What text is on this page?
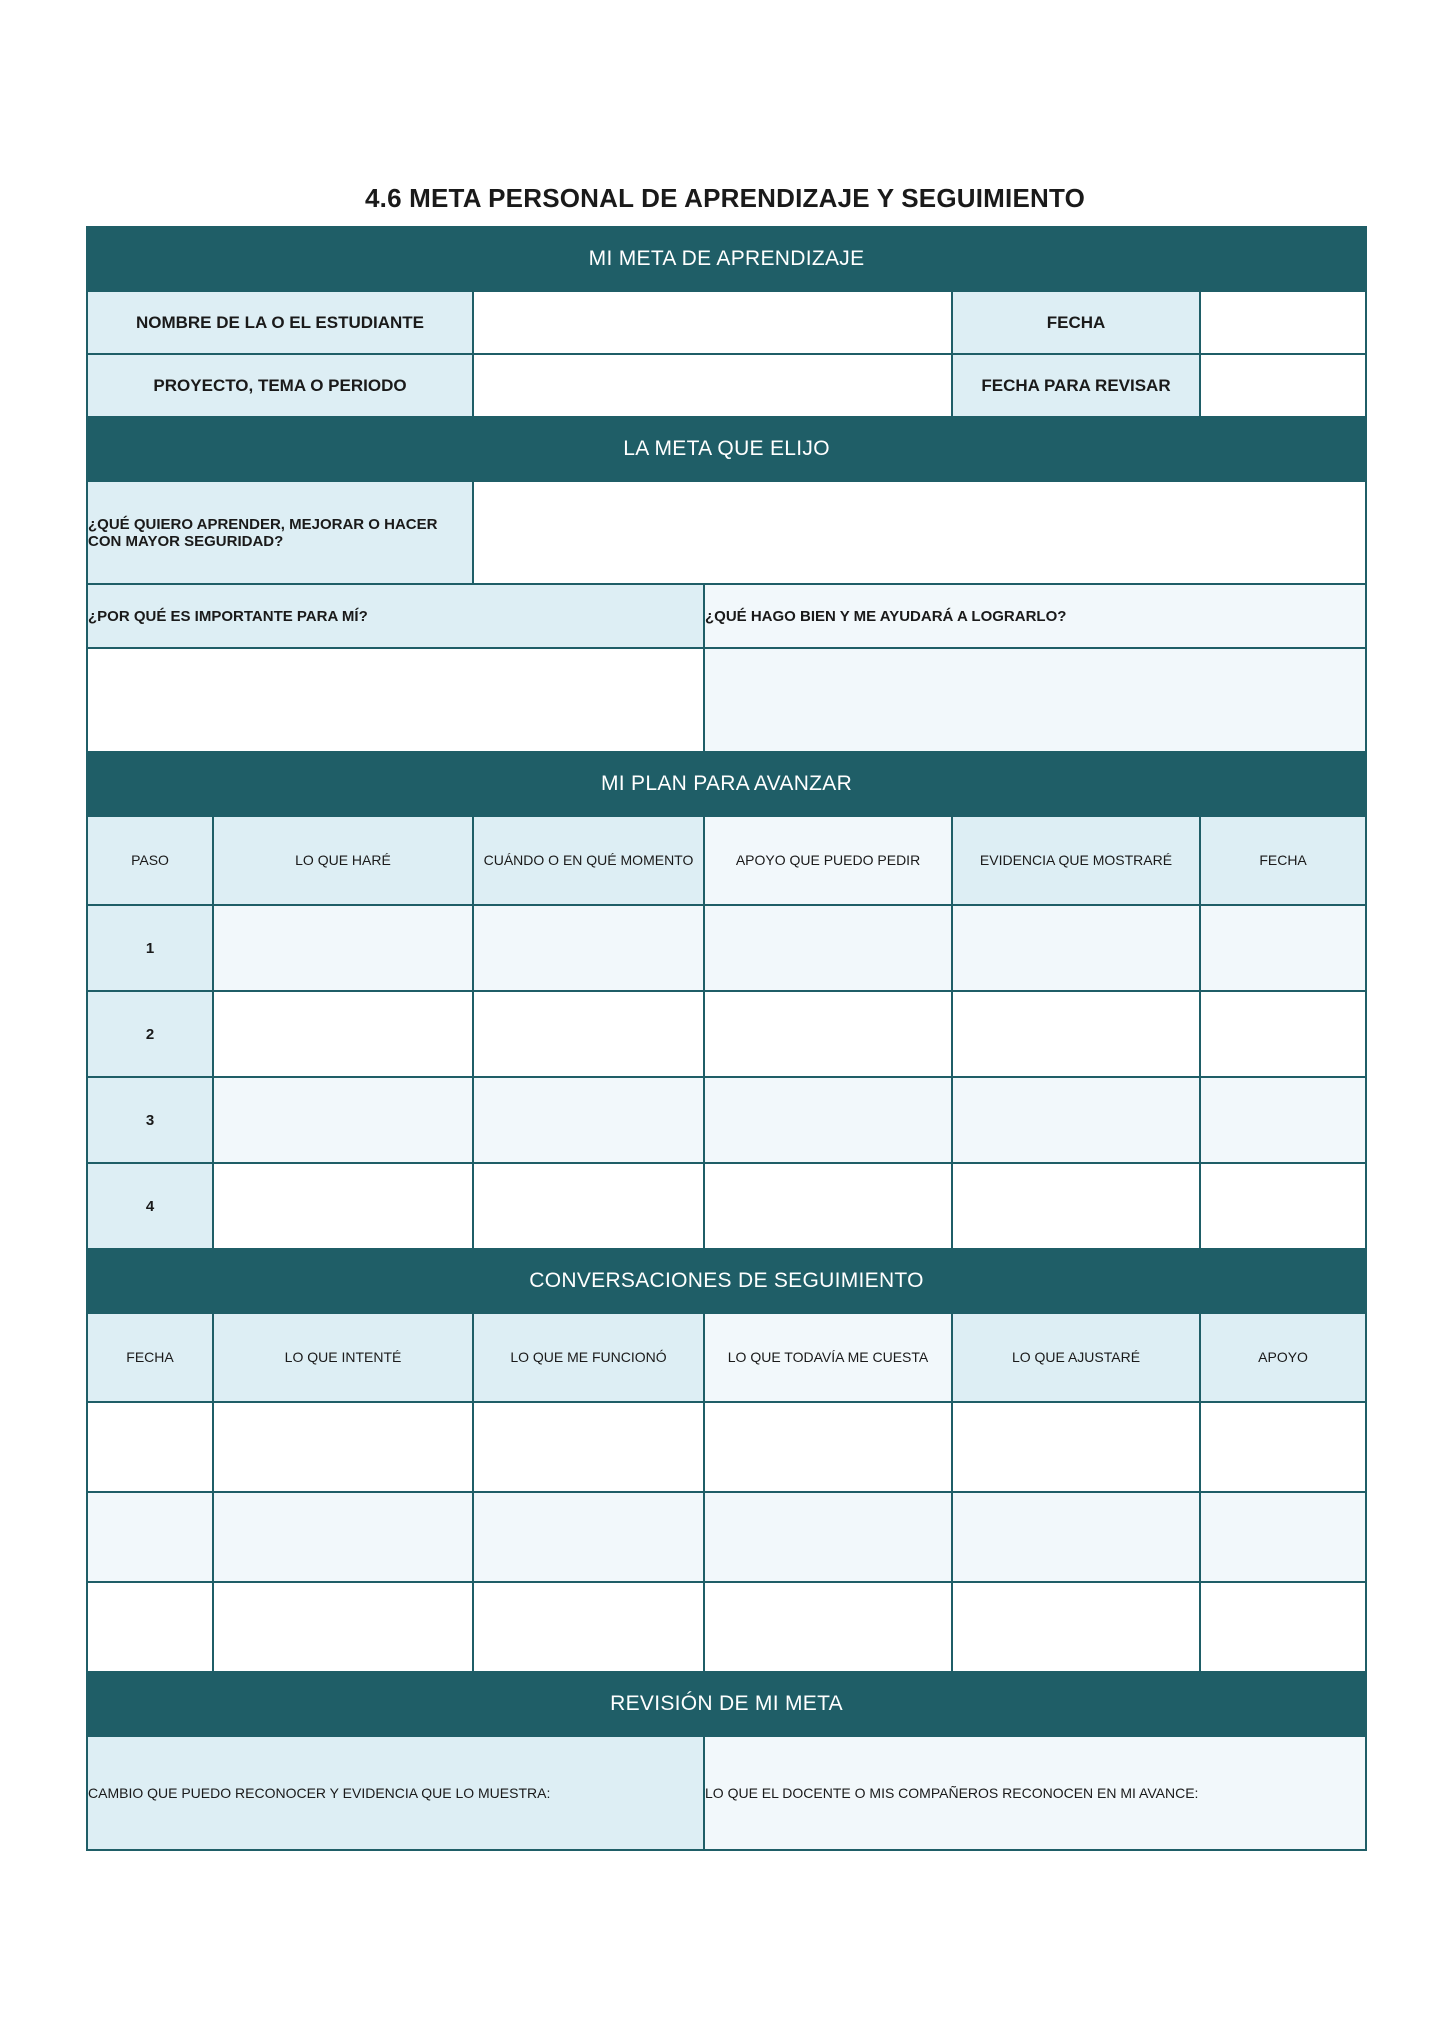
4.6 META PERSONAL DE APRENDIZAJE Y SEGUIMIENTO
MI META DE APRENDIZAJE					
NOMBRE DE LA O EL ESTUDIANTE				FECHA	
PROYECTO, TEMA O PERIODO				FECHA PARA REVISAR	
LA META QUE ELIJO					
¿QUÉ QUIERO APRENDER, MEJORAR O HACER CON MAYOR SEGURIDAD?					
¿POR QUÉ ES IMPORTANTE PARA MÍ?			¿QUÉ HAGO BIEN Y ME AYUDARÁ A LOGRARLO?		

MI PLAN PARA AVANZAR					
PASO	LO QUE HARÉ	CUÁNDO O EN QUÉ MOMENTO	APOYO QUE PUEDO PEDIR	EVIDENCIA QUE MOSTRARÉ	FECHA
1					
2					
3					
4					
CONVERSACIONES DE SEGUIMIENTO					
FECHA	LO QUE INTENTÉ	LO QUE ME FUNCIONÓ	LO QUE TODAVÍA ME CUESTA	LO QUE AJUSTARÉ	APOYO

REVISIÓN DE MI META					
CAMBIO QUE PUEDO RECONOCER Y EVIDENCIA QUE LO MUESTRA:			LO QUE EL DOCENTE O MIS COMPAÑEROS RECONOCEN EN MI AVANCE:		
